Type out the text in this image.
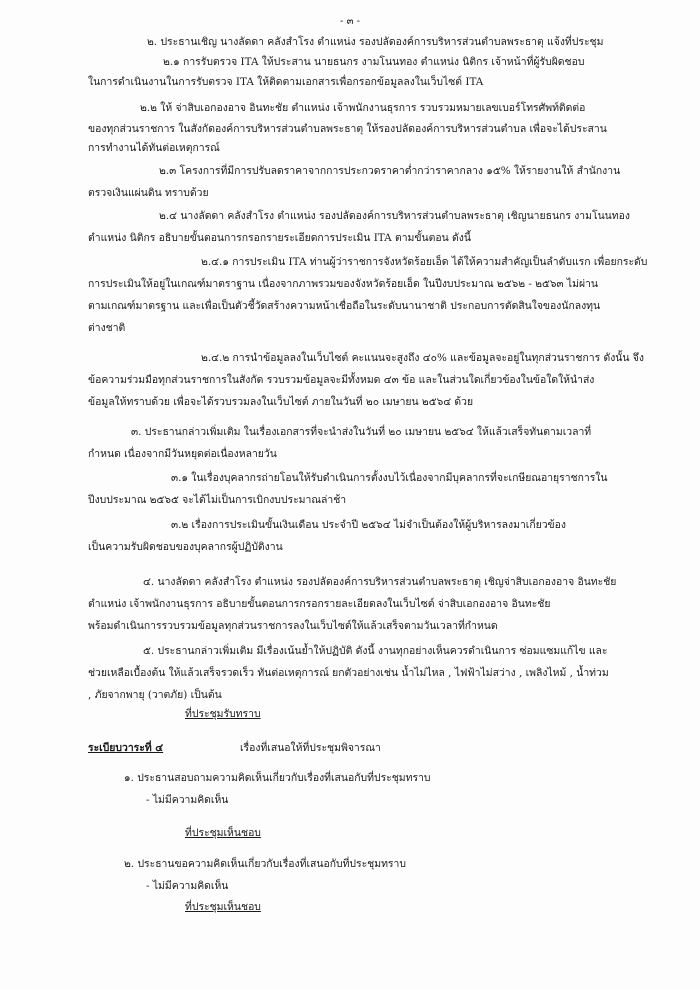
- ๓ -
๒. ประธานเชิญ นางลัดดา คลังสำโรง ตำแหน่ง รองปลัดองค์การบริหารส่วนตำบลพระธาตุ แจ้งที่ประชุม
๒.๑ การรับตรวจ ITA ให้ประสาน นายธนกร งามโนนทอง ตำแหน่ง นิติกร เจ้าหน้าที่ผู้รับผิดชอบ
ในการดำเนินงานในการรับตรวจ ITA ให้ติดตามเอกสารเพื่อกรอกข้อมูลลงในเว็บไซต์ ITA
๒.๒ ให้ จ่าสิบเอกองอาจ อินทะชัย ตำแหน่ง เจ้าพนักงานธุรการ รวบรวมหมายเลขเบอร์โทรศัพท์ติดต่อ
ของทุกส่วนราชการ ในสังกัดองค์การบริหารส่วนตำบลพระธาตุ ให้รองปลัดองค์การบริหารส่วนตำบล เพื่อจะได้ประสาน
การทำงานได้ทันต่อเหตุการณ์
๒.๓ โครงการที่มีการปรับลดราคาจากการประกวดราคาต่ำกว่าราคากลาง ๑๕% ให้รายงานให้ สำนักงาน
ตรวจเงินแผ่นดิน ทราบด้วย
๒.๔ นางลัดดา คลังสำโรง ตำแหน่ง รองปลัดองค์การบริหารส่วนตำบลพระธาตุ เชิญนายธนกร งามโนนทอง
ตำแหน่ง นิติกร อธิบายขั้นตอนการกรอกรายระเอียดการประเมิน ITA ตามขั้นตอน ดังนี้
๒.๔.๑ การประเมิน ITA ท่านผู้ว่าราชการจังหวัดร้อยเอ็ด ได้ให้ความสำคัญเป็นลำดับแรก เพื่อยกระดับ
การประเมินให้อยู่ในเกณฑ์มาตราฐาน เนื่องจากภาพรวมของจังหวัดร้อยเอ็ด ในปีงบประมาณ ๒๕๖๒ - ๒๕๖๓ ไม่ผ่าน
ตามเกณฑ์มาตรฐาน และเพื่อเป็นตัวชี้วัดสร้างความหน้าเชื่อถือในระดับนานาชาติ ประกอบการตัดสินใจของนักลงทุน
ต่างชาติ
๒.๔.๒ การนำข้อมูลลงในเว็บไซต์ คะแนนจะสูงถึง ๔๐% และข้อมูลจะอยู่ในทุกส่วนราชการ ดังนั้น จึง
ข้อความร่วมมือทุกส่วนราชการในสังกัด รวบรวมข้อมูลจะมีทั้งหมด ๔๓ ข้อ และในส่วนใดเกี่ยวข้องในข้อใดให้นำส่ง
ข้อมูลให้ทราบด้วย เพื่อจะได้รวบรวมลงในเว็บไซต์ ภายในวันที่ ๒๐ เมษายน ๒๕๖๔ ด้วย
๓. ประธานกล่าวเพิ่มเติม ในเรื่องเอกสารที่จะนำส่งในวันที่ ๒๐ เมษายน ๒๕๖๔ ให้แล้วเสร็จทันตามเวลาที่
กำหนด เนื่องจากมีวันหยุดต่อเนื่องหลายวัน
๓.๑ ในเรื่องบุคลากรถ่ายโอนให้รับดำเนินการตั้งงบไว้เนื่องจากมีบุคลากรที่จะเกษียณอายุราชการใน
ปีงบประมาณ ๒๕๖๕ จะได้ไม่เป็นการเบิกงบประมาณล่าช้า
๓.๒ เรื่องการประเมินขั้นเงินเดือน ประจำปี ๒๕๖๔ ไม่จำเป็นต้องให้ผู้บริหารลงมาเกี่ยวข้อง
เป็นความรับผิดชอบของบุคลากรผู้ปฏิบัติงาน
๔. นางลัดดา คลังสำโรง ตำแหน่ง รองปลัดองค์การบริหารส่วนตำบลพระธาตุ เชิญจ่าสิบเอกองอาจ อินทะชัย
ตำแหน่ง เจ้าพนักงานธุรการ อธิบายขั้นตอนการกรอกรายละเอียดลงในเว็บไซต์ จ่าสิบเอกองอาจ อินทะชัย
พร้อมดำเนินการรวบรวมข้อมูลทุกส่วนราชการลงในเว็บไซต์ให้แล้วเสร็จตามวันเวลาที่กำหนด
๕. ประธานกล่าวเพิ่มเติม มีเรื่องเน้นย้ำให้ปฏิบัติ ดังนี้ งานทุกอย่างเห็นควรดำเนินการ ซ่อมแซมแก้ไข และ
ช่วยเหลือเบื้องต้น ให้แล้วเสร็จรวดเร็ว ทันต่อเหตุการณ์ ยกตัวอย่างเช่น น้ำไม่ไหล , ไฟฟ้าไม่สว่าง , เพลิงไหม้ , น้ำท่วม
, ภัยจากพายุ (วาตภัย) เป็นต้น
ที่ประชุมรับทราบ
ระเบียบวาระที่ ๔	เรื่องที่เสนอให้ที่ประชุมพิจารณา
๑. ประธานสอบถามความคิดเห็นเกี่ยวกับเรื่องที่เสนอกับที่ประชุมทราบ
- ไม่มีความคิดเห็น
ที่ประชุมเห็นชอบ
๒. ประธานขอความคิดเห็นเกี่ยวกับเรื่องที่เสนอกับที่ประชุมทราบ
- ไม่มีความคิดเห็น
ที่ประชุมเห็นชอบ
